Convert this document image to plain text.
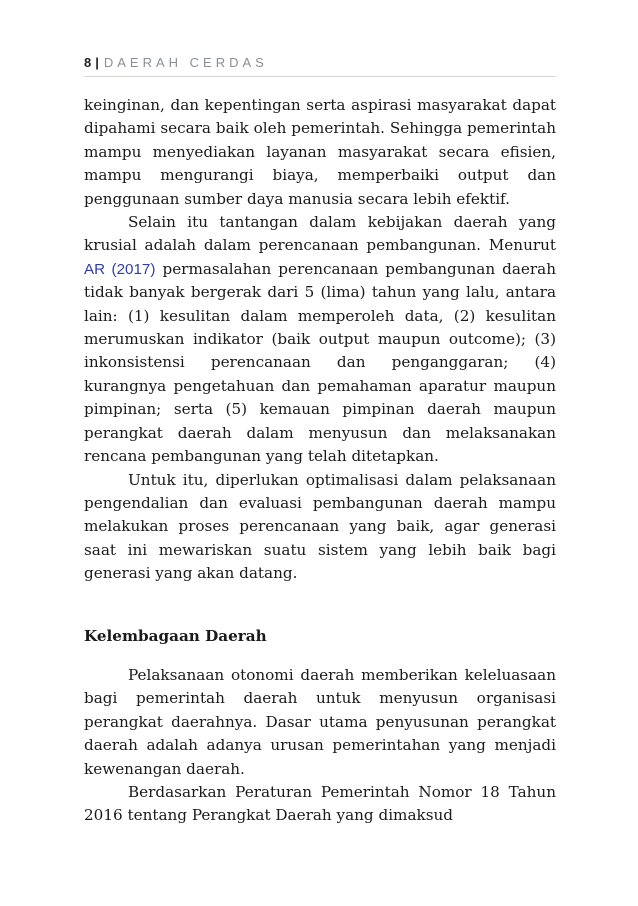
8 | DAERAH CERDAS

keinginan, dan kepentingan serta aspirasi masyarakat dapat dipahami secara baik oleh pemerintah. Sehingga pemerintah mampu menyediakan layanan masyarakat secara efisien, mampu mengurangi biaya, memperbaiki output dan penggunaan sumber daya manusia secara lebih efektif.

Selain itu tantangan dalam kebijakan daerah yang krusial adalah dalam perencanaan pembangunan. Menurut AR (2017) permasalahan perencanaan pembangunan daerah tidak banyak bergerak dari 5 (lima) tahun yang lalu, antara lain: (1) kesulitan dalam memperoleh data, (2) kesulitan merumuskan indikator (baik output maupun outcome); (3) inkonsistensi perencanaan dan penganggaran; (4) kurangnya pengetahuan dan pemahaman aparatur maupun pimpinan; serta (5) kemauan pimpinan daerah maupun perangkat daerah dalam menyusun dan melaksanakan rencana pembangunan yang telah ditetapkan.

Untuk itu, diperlukan optimalisasi dalam pelaksanaan pengendalian dan evaluasi pembangunan daerah mampu melakukan proses perencanaan yang baik, agar generasi saat ini mewariskan suatu sistem yang lebih baik bagi generasi yang akan datang.

Kelembagaan Daerah

Pelaksanaan otonomi daerah memberikan keleluasaan bagi pemerintah daerah untuk menyusun organisasi perangkat daerahnya. Dasar utama penyusunan perangkat daerah adalah adanya urusan pemerintahan yang menjadi kewenangan daerah.

Berdasarkan Peraturan Pemerintah Nomor 18 Tahun 2016 tentang Perangkat Daerah yang dimaksud
